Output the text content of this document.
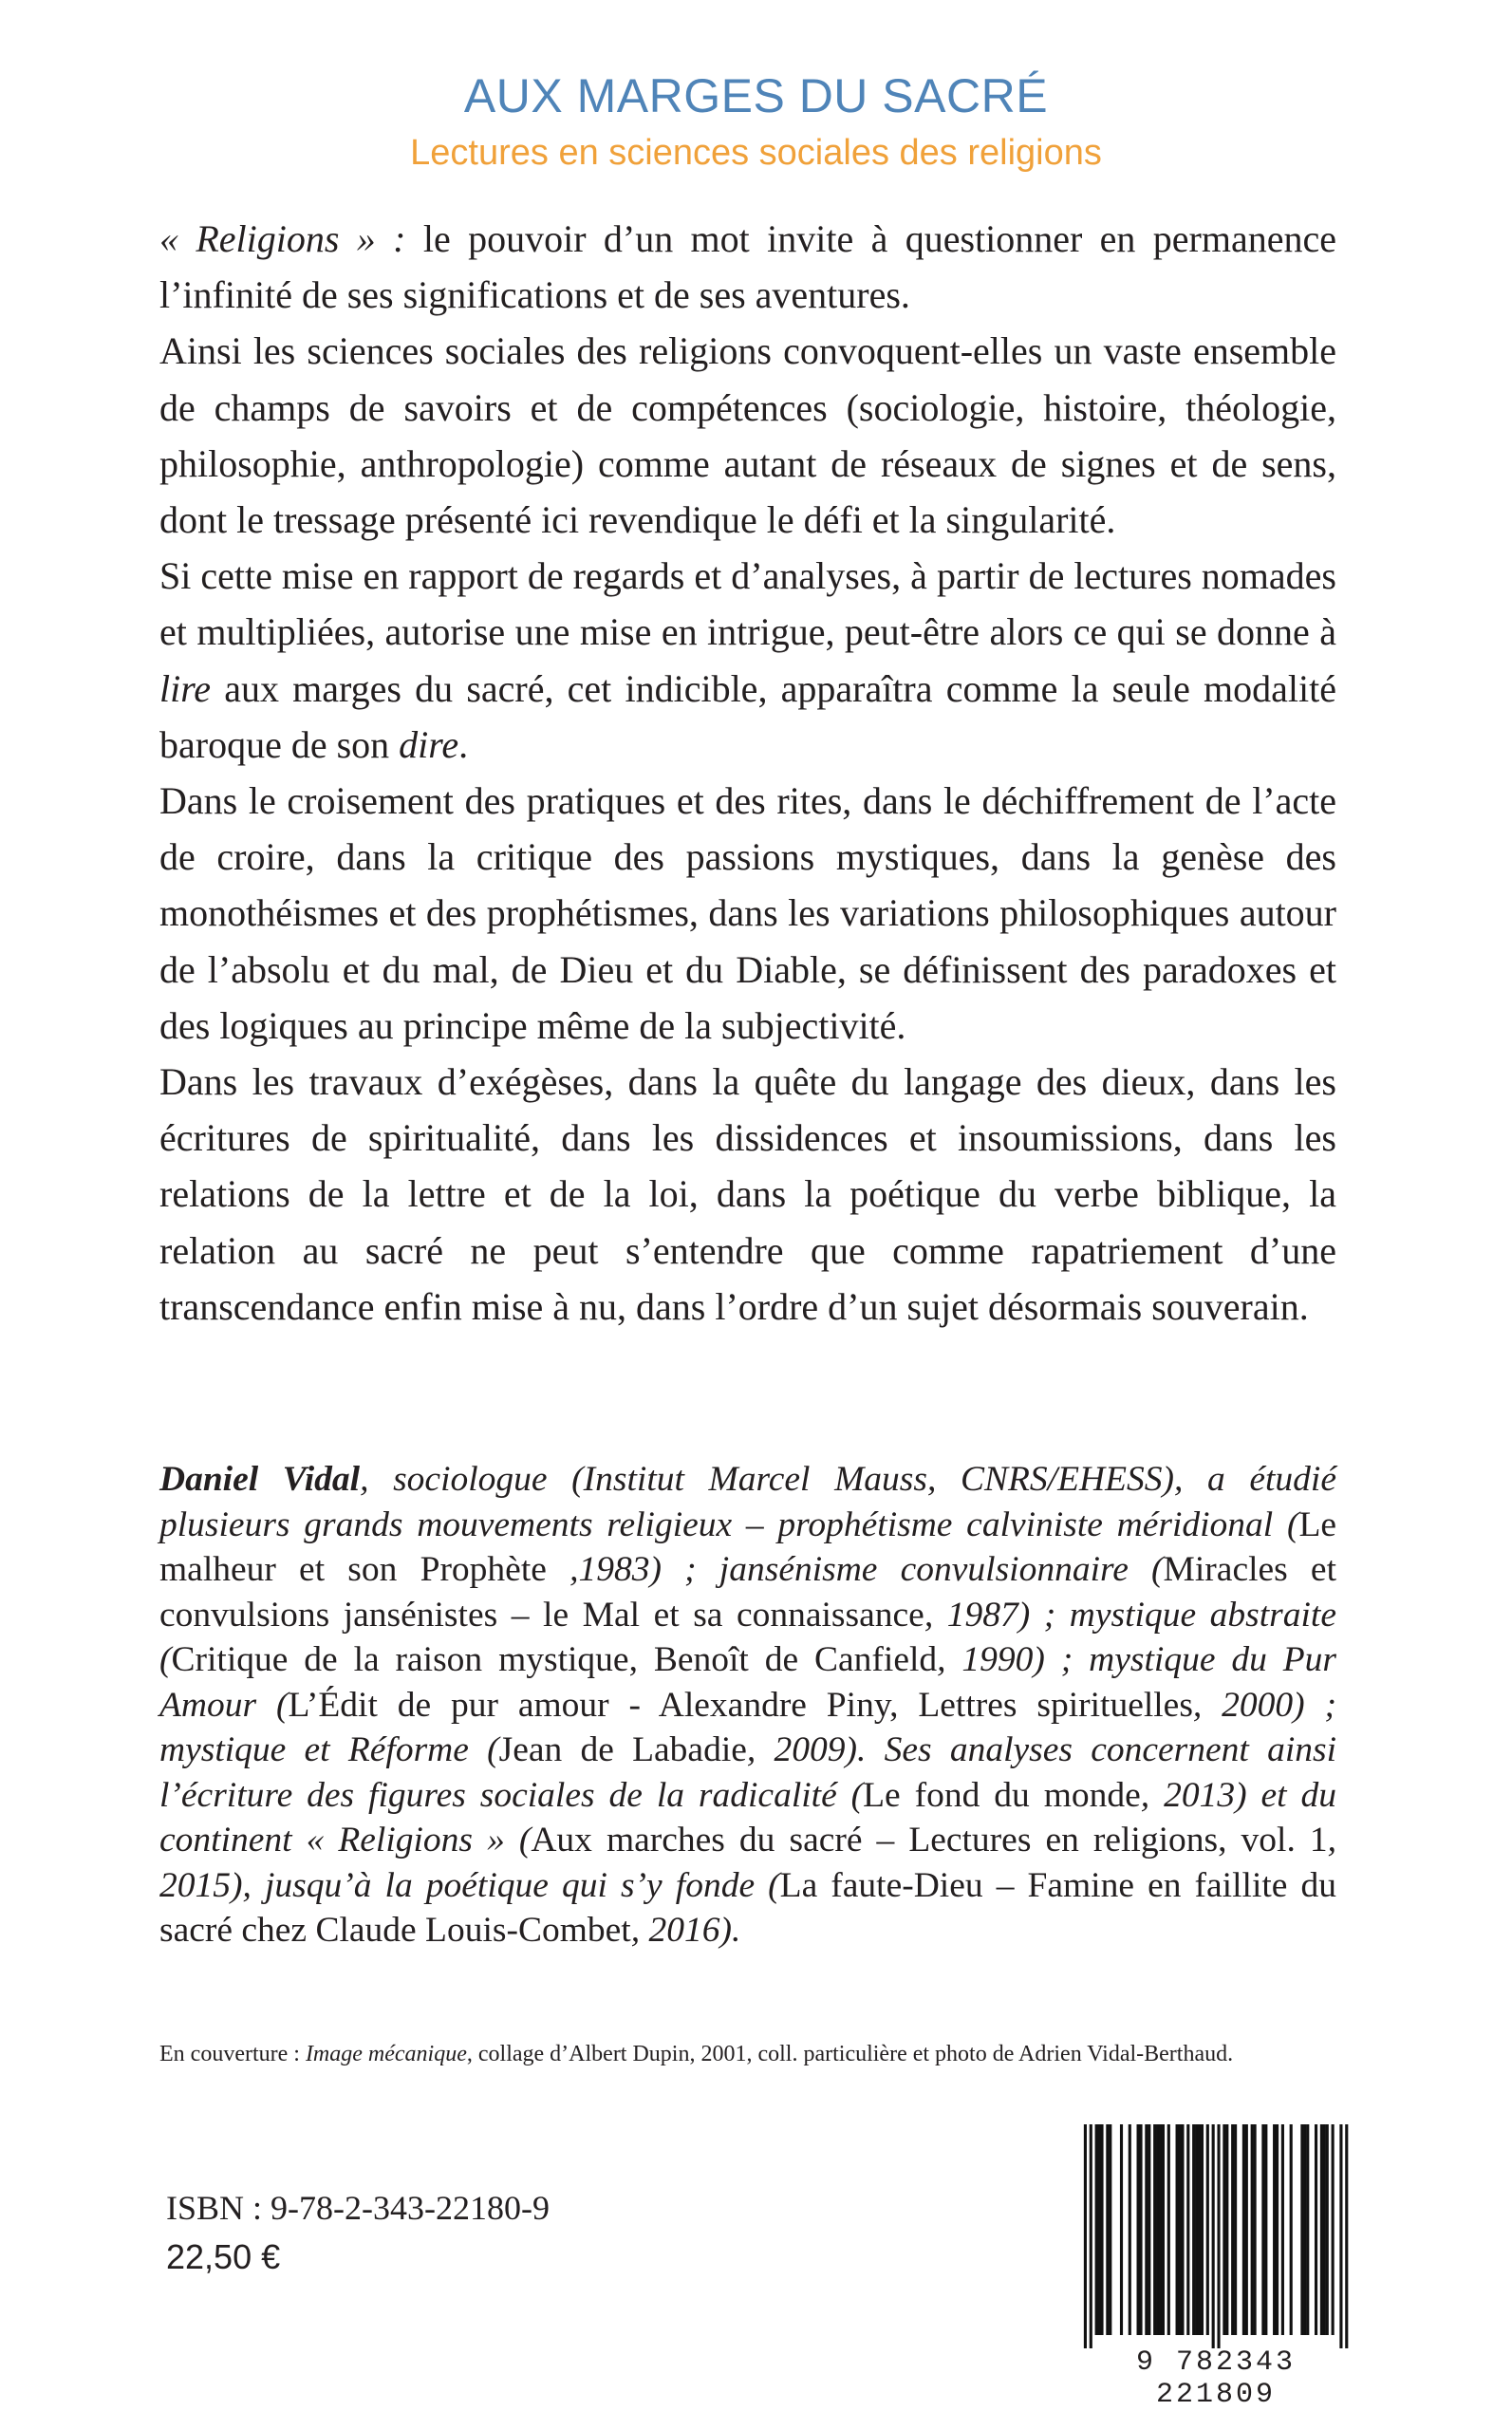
AUX MARGES DU SACRÉ
Lectures en sciences sociales des religions

« Religions » : le pouvoir d’un mot invite à questionner en permanence l’infinité de ses significations et de ses aventures.

Ainsi les sciences sociales des religions convoquent-elles un vaste ensemble de champs de savoirs et de compétences (sociologie, histoire, théologie, philosophie, anthropologie) comme autant de réseaux de signes et de sens, dont le tressage présenté ici revendique le défi et la singularité.

Si cette mise en rapport de regards et d’analyses, à partir de lectures nomades et multipliées, autorise une mise en intrigue, peut-être alors ce qui se donne à lire aux marges du sacré, cet indicible, apparaîtra comme la seule modalité baroque de son dire.

Dans le croisement des pratiques et des rites, dans le déchiffrement de l’acte de croire, dans la critique des passions mystiques, dans la genèse des monothéismes et des prophétismes, dans les variations philosophiques autour de l’absolu et du mal, de Dieu et du Diable, se définissent des paradoxes et des logiques au principe même de la subjectivité.

Dans les travaux d’exégèses, dans la quête du langage des dieux, dans les écritures de spiritualité, dans les dissidences et insoumissions, dans les relations de la lettre et de la loi, dans la poétique du verbe biblique, la relation au sacré ne peut s’entendre que comme rapatriement d’une transcendance enfin mise à nu, dans l’ordre d’un sujet désormais souverain.

Daniel Vidal, sociologue (Institut Marcel Mauss, CNRS/EHESS), a étudié plusieurs grands mouvements religieux – prophétisme calviniste méridional (Le malheur et son Prophète ,1983) ; jansénisme convulsionnaire (Miracles et convulsions jansénistes – le Mal et sa connaissance, 1987) ; mystique abstraite (Critique de la raison mystique, Benoît de Canfield, 1990) ; mystique du Pur Amour (L’Édit de pur amour - Alexandre Piny, Lettres spirituelles, 2000) ; mystique et Réforme (Jean de Labadie, 2009). Ses analyses concernent ainsi l’écriture des figures sociales de la radicalité (Le fond du monde, 2013) et du continent « Religions » (Aux marches du sacré – Lectures en religions, vol. 1, 2015), jusqu’à la poétique qui s’y fonde (La faute-Dieu – Famine en faillite du sacré chez Claude Louis-Combet, 2016).

En couverture : Image mécanique, collage d’Albert Dupin, 2001, coll. particulière et photo de Adrien Vidal-Berthaud.
ISBN : 9-78-2-343-22180-9
22,50 €
9 782343 221809
